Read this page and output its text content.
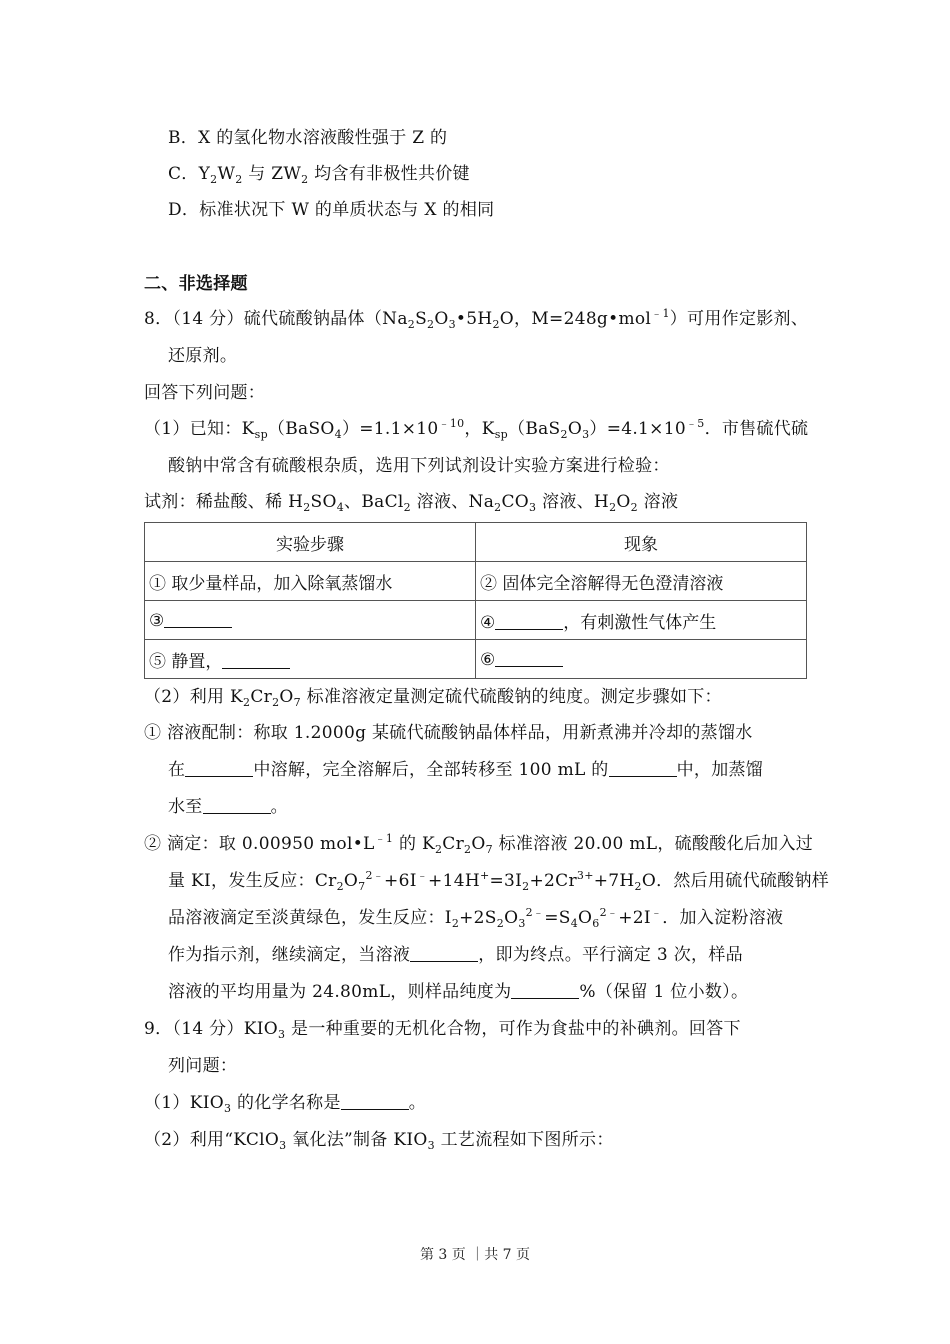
B．X 的氢化物水溶液酸性强于 Z 的
C．$Y_2W_2$ 与 $ZW_2$ 均含有非极性共价键
D．标准状况下 W 的单质状态与 X 的相同
二、非选择题
8．（14 分）硫代硫酸钠晶体（$Na_2S_2O_3•5H_2O$，M=248g•mol$^{﹣1}$）可用作定影剂、
还原剂。
回答下列问题：
（1）已知：$K_{sp}(BaSO_4)=1.1\times 10^{﹣10}$，$K_{sp}(BaS_2O_3)=4.1\times 10^{﹣5}$．市售硫代硫
酸钠中常含有硫酸根杂质，选用下列试剂设计实验方案进行检验：
试剂：稀盐酸、稀 $H_2SO_4$、BaCl$_2$ 溶液、$Na_2CO_3$ 溶液、$H_2O_2$ 溶液
实验步骤	现象
① 取少量样品，加入除氧蒸馏水	② 固体完全溶解得无色澄清溶液
③	④ ，有刺激性气体产生
⑤ 静置，	⑥
（2）利用 $K_2Cr_2O_7$ 标准溶液定量测定硫代硫酸钠的纯度。测定步骤如下：
① 溶液配制：称取 1.2000g 某硫代硫酸钠晶体样品，用新煮沸并冷却的蒸馏水
在	中溶解，完全溶解后，全部转移至 100 mL 的	中，加蒸馏
水至	。
② 滴定：取 0.00950 $mol•L^{﹣1}$ 的 $K_2Cr_2O_7$ 标准溶液 20.00 mL，硫酸酸化后加入过
量 KI，发生反应：$Cr_2O_7^{2﹣}+6I^﹣+14H^+=3I_2+2Cr^{3+}+7H_2O$．然后用硫代硫酸钠样
品溶液滴定至淡黄绿色，发生反应：$I_2+2S_2O_3^{2﹣}=S_4O_6^{2﹣}+2I^﹣$．加入淀粉溶液
作为指示剂，继续滴定，当溶液	，即为终点。平行滴定 3 次，样品
溶液的平均用量为 24.80mL，则样品纯度为	%（保留 1 位小数）。
9．（14 分）$KIO_3$ 是一种重要的无机化合物，可作为食盐中的补碘剂。回答下
列问题：
$(1)KIO_3$ 的化学名称是	。
（2）利用“KClO$_3$ 氧化法”制备 $KIO_3$ 工艺流程如下图所示：
第 3 页 ｜共 7 页
